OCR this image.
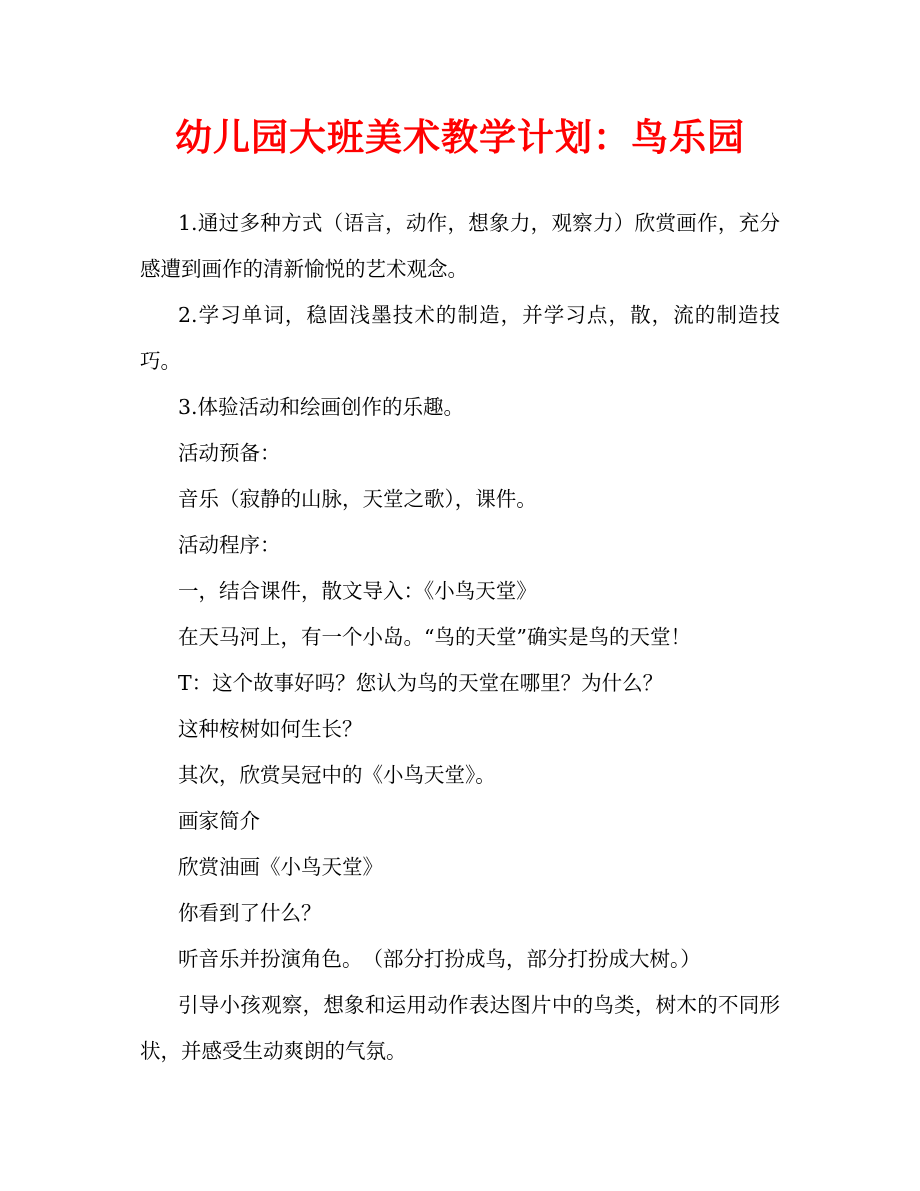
幼儿园大班美术教学计划：鸟乐园

1.通过多种方式（语言，动作，想象力，观察力）欣赏画作，充分感遭到画作的清新愉悦的艺术观念。

2.学习单词，稳固浅墨技术的制造，并学习点，散，流的制造技巧。

3.体验活动和绘画创作的乐趣。

活动预备：

音乐（寂静的山脉，天堂之歌），课件。

活动程序：

一，结合课件，散文导入：《小鸟天堂》

在天马河上，有一个小岛。“鸟的天堂”确实是鸟的天堂！

T：这个故事好吗？您认为鸟的天堂在哪里？为什么？

这种桉树如何生长？

其次，欣赏吴冠中的《小鸟天堂》。

画家简介

欣赏油画《小鸟天堂》

你看到了什么？

听音乐并扮演角色。　（部分打扮成鸟，部分打扮成大树。）

引导小孩观察，想象和运用动作表达图片中的鸟类，树木的不同形状，并感受生动爽朗的气氛。
